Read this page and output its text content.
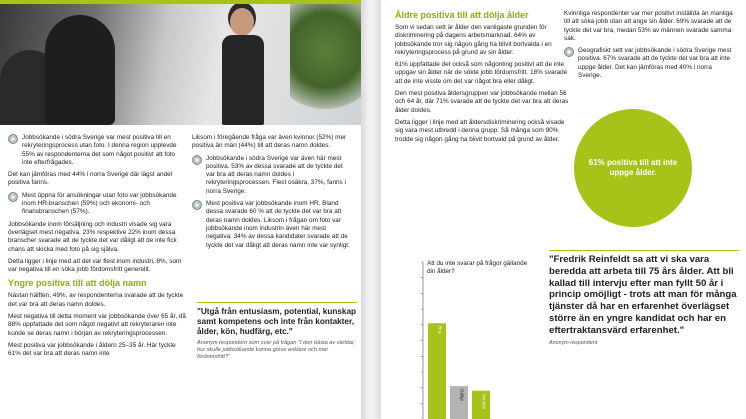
Jobbsökande i södra Sverige var mest positiva till en rekryteringsprocess utan foto. I denna region upplevde 55% av respondenterna det som något positivt att foto inte efterfrågades.

Det kan jämföras med 44% i norra Sverige där lägst andel positiva fanns.

Mest öppna för ansökningar utan foto var jobbsökande inom HR-branschen (59%) och ekonomi- och finansbranschen (57%).

Jobbsökande inom försäljning och industri visade sig vara överlägset mest negativa. 23% respektive 22% inom dessa branscher svarade att de tyckte det var dåligt att de inte fick chans att skicka med foto på sig själva.

Detta ligger i linje med att det var flest inom industri, 8%, som var negativa till en söka jobb fördomsfritt generellt.

Yngre positiva till att dölja namn

Nästan hälften, 49%, av respondenterna svarade att de tyckte det var bra att deras namn doldes.

Mest negativa till detta moment var jobbsökande över 65 år, då 88% uppfattade det som något negativt att rekryteraren inte kunde se deras namn i början av rekryteringsprocessen.

Mest positiva var jobbsökande i åldern 25–35 år. Här tyckte 61% det var bra att deras namn inte

Liksom i föregående fråga var även kvinnor (52%) mer positiva än män (44%) till att deras namn doldes.

Jobbsökande i södra Sverige var även här mest positiva. 53% av dessa svarade att de tyckte det var bra att deras namn doldes i rekryteringsprocessen. Flest osäkra, 37%, fanns i norra Sverige.

Mest positiva var jobbsökande inom HR. Bland dessa svarade 60 % att de tyckte det var bra att deras namn doldes. Liksom i frågan om foto var jobbsökande inom industrin även här mest negativa. 34% av dessa kandidater svarade att de tyckte det var dåligt att deras namn inte var synligt.

"Utgå från entusiasm, potential, kunskap samt kompetens och inte från kontakter, ålder, kön, hudfärg, etc."

Anonym respondent som svar på frågan "I den bästa av världar, hur skulle jobbsökande kunna göras enklare och mer fördomsfritt?"
Äldre positiva till att dölja ålder

Som vi sedan sett är ålder den vanligaste grunden för diskriminering på dagens arbetsmarknad. 64% av jobbsökande tror sig någon gång ha blivit bortvalda i en rekryteringsprocess på grund av sin ålder.

61% uppfattade det också som någonting positivt att de inte uppgav sin ålder när de sökte jobb fördomsfritt. 18% svarade att de inte visste om det var något bra eller dåligt.

Den mest positiva åldersgruppen var jobbsökande mellan 56 och 64 år, där 71% svarade att de tyckte det var bra att deras ålder doldes.

Detta ligger i linje med att åldersdiskriminering också visade sig vara mest utbredd i denna grupp. Så många som 90% trodde sig någon gång ha blivit bortvald på grund av ålder.

Kvinnliga respondenter var mer positivt inställda än manliga till att söka jobb utan att ange sin ålder. 69% svarade att de tyckte det var bra, medan 53% av männen svarade samma sak.

Geografiskt sett var jobbsökande i södra Sverige mest positiva. 67% svarade att de tyckte det var bra att inte uppge ålder. Det kan jämföras med 40% i norra Sverige.

61% positiva till att inte uppge ålder.
Att du inte svarar på frågor gällande din ålder?
Bra
Dåligt	Vet inte

"Fredrik Reinfeldt sa att vi ska vara beredda att arbeta till 75 års ålder. Att bli kallad till intervju efter man fyllt 50 år i princip omöjligt - trots att man för många tjänster då har en erfarenhet överlägset större än en yngre kandidat och har en eftertraktansvärd erfarenhet."

Anonym respondent
